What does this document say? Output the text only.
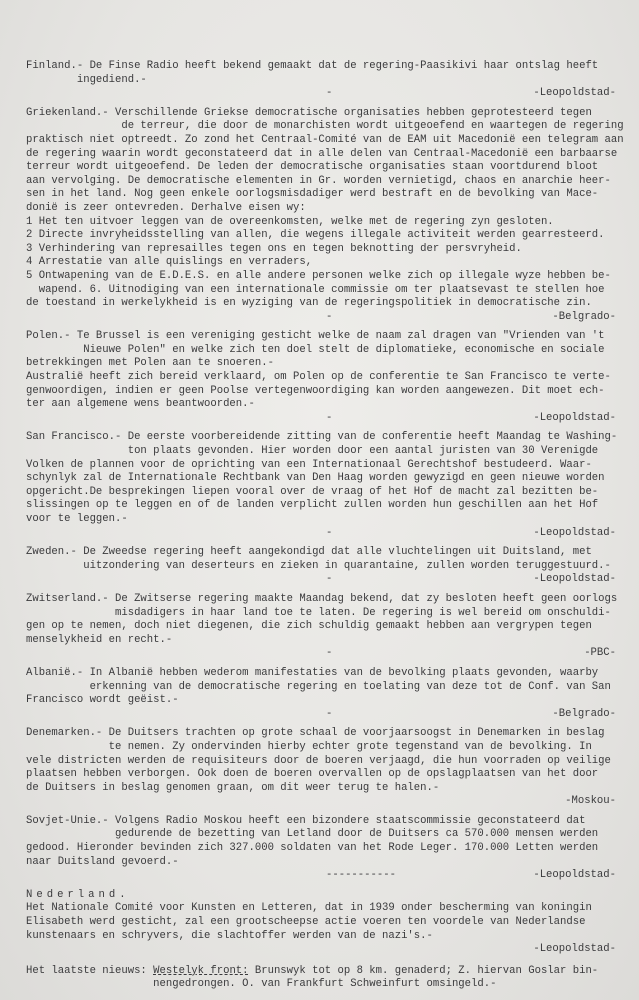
Finland.- De Finse Radio heeft bekend gemaakt dat de regering-Paasikivi haar ontslag heeft
ingediend.-
-	-Leopoldstad-
Griekenland.- Verschillende Griekse democratische organisaties hebben geprotesteerd tegen
de terreur, die door de monarchisten wordt uitgeoefend en waartegen de regering
praktisch niet optreedt. Zo zond het Centraal-Comité van de EAM uit Macedonië een telegram aan
de regering waarin wordt geconstateerd dat in alle delen van Centraal-Macedonië een barbaarse
terreur wordt uitgeoefend. De leden der democratische organisaties staan voortdurend bloot
aan vervolging. De democratische elementen in Gr. worden vernietigd, chaos en anarchie heer-
sen in het land. Nog geen enkele oorlogsmisdadiger werd bestraft en de bevolking van Mace-
donië is zeer ontevreden. Derhalve eisen wy:
1 Het ten uitvoer leggen van de overeenkomsten, welke met de regering zyn gesloten.
2 Directe invryheidsstelling van allen, die wegens illegale activiteit werden gearresteerd.
3 Verhindering van represailles tegen ons en tegen beknotting der persvryheid.
4 Arrestatie van alle quislings en verraders,
5 Ontwapening van de E.D.E.S. en alle andere personen welke zich op illegale wyze hebben be-
wapend. 6. Uitnodiging van een internationale commissie om ter plaatsevast te stellen hoe
de toestand in werkelykheid is en wyziging van de regeringspolitiek in democratische zin.
-	-Belgrado-
Polen.- Te Brussel is een vereniging gesticht welke de naam zal dragen van "Vrienden van 't
Nieuwe Polen" en welke zich ten doel stelt de diplomatieke, economische en sociale
betrekkingen met Polen aan te snoeren.-
Australië heeft zich bereid verklaard, om Polen op de conferentie te San Francisco te verte-
genwoordigen, indien er geen Poolse vertegenwoordiging kan worden aangewezen. Dit moet ech-
ter aan algemene wens beantwoorden.-
-	-Leopoldstad-
San Francisco.- De eerste voorbereidende zitting van de conferentie heeft Maandag te Washing-
ton plaats gevonden. Hier worden door een aantal juristen van 30 Verenigde
Volken de plannen voor de oprichting van een Internationaal Gerechtshof bestudeerd. Waar-
schynlyk zal de Internationale Rechtbank van Den Haag worden gewyzigd en geen nieuwe worden
opgericht.De besprekingen liepen vooral over de vraag of het Hof de macht zal bezitten be-
slissingen op te leggen en of de landen verplicht zullen worden hun geschillen aan het Hof
voor te leggen.-
-	-Leopoldstad-
Zweden.- De Zweedse regering heeft aangekondigd dat alle vluchtelingen uit Duitsland, met
uitzondering van deserteurs en zieken in quarantaine, zullen worden teruggestuurd.-
-	-Leopoldstad-
Zwitserland.- De Zwitserse regering maakte Maandag bekend, dat zy besloten heeft geen oorlogs
misdadigers in haar land toe te laten. De regering is wel bereid om onschuldi-
gen op te nemen, doch niet diegenen, die zich schuldig gemaakt hebben aan vergrypen tegen
menselykheid en recht.-
-	-PBC-
Albanië.- In Albanië hebben wederom manifestaties van de bevolking plaats gevonden, waarby
erkenning van de democratische regering en toelating van deze tot de Conf. van San
Francisco wordt geëist.-
-	-Belgrado-
Denemarken.- De Duitsers trachten op grote schaal de voorjaarsoogst in Denemarken in beslag
te nemen. Zy ondervinden hierby echter grote tegenstand van de bevolking. In
vele districten werden de requisiteurs door de boeren verjaagd, die hun voorraden op veilige
plaatsen hebben verborgen. Ook doen de boeren overvallen op de opslagplaatsen van het door
de Duitsers in beslag genomen graan, om dit weer terug te halen.-
-Moskou-
Sovjet-Unie.- Volgens Radio Moskou heeft een bizondere staatscommissie geconstateerd dat
gedurende de bezetting van Letland door de Duitsers ca 570.000 mensen werden
gedood. Hieronder bevinden zich 327.000 soldaten van het Rode Leger. 170.000 Letten werden
naar Duitsland gevoerd.-
-----------	-Leopoldstad-
Nederland.
Het Nationale Comité voor Kunsten en Letteren, dat in 1939 onder bescherming van koningin
Elisabeth werd gesticht, zal een grootscheepse actie voeren ten voordele van Nederlandse
kunstenaars en schryvers, die slachtoffer werden van de nazi's.-
-Leopoldstad-
Het laatste nieuws: Westelyk front: Brunswyk tot op 8 km. genaderd; Z. hiervan Goslar bin-
nengedrongen. O. van Frankfurt Schweinfurt omsingeld.-
